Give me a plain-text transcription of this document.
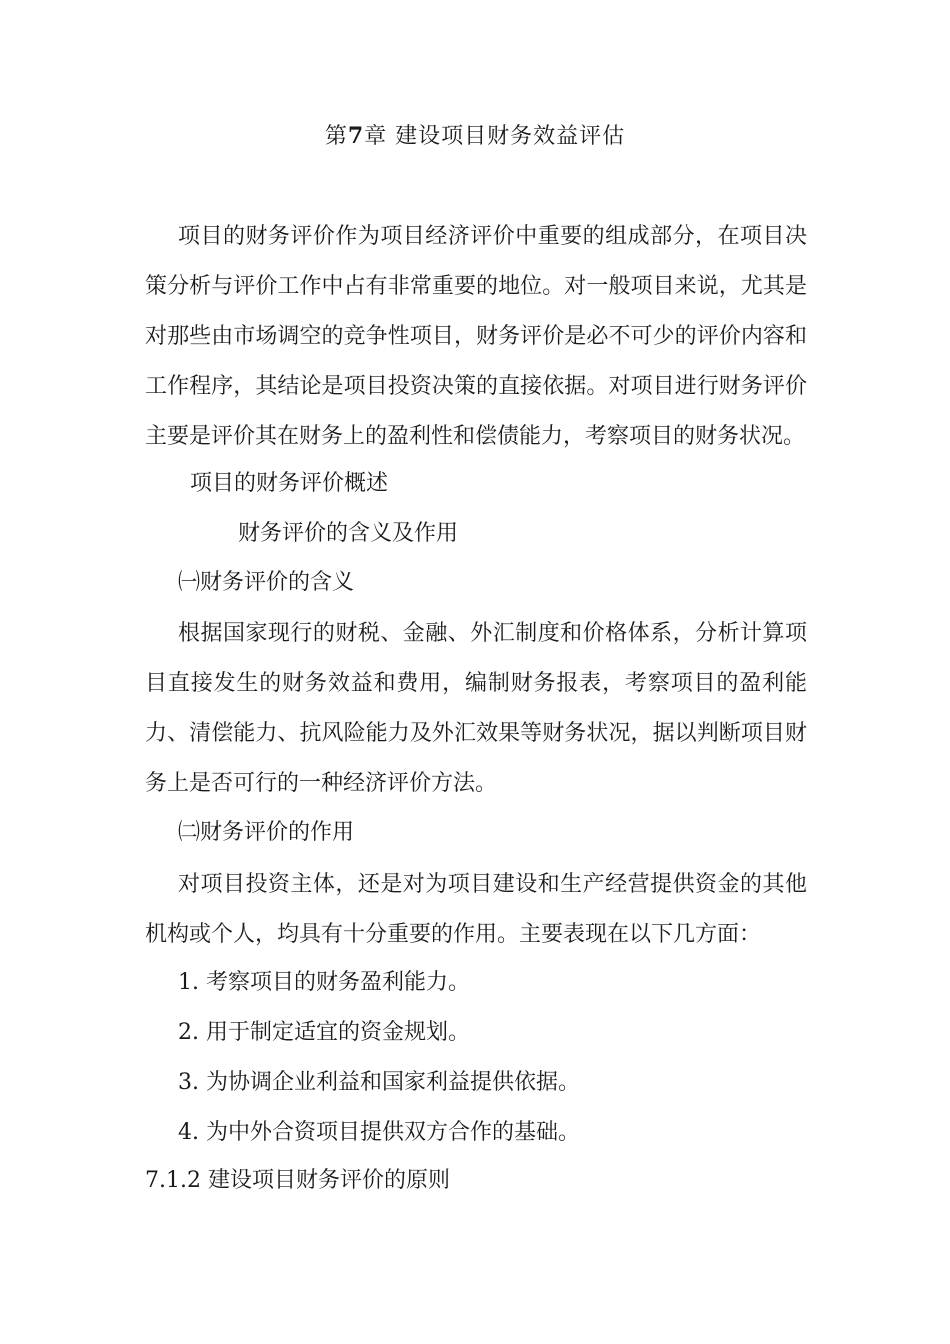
第7章 建设项目财务效益评估

项目的财务评价作为项目经济评价中重要的组成部分，在项目决策分析与评价工作中占有非常重要的地位。对一般项目来说，尤其是对那些由市场调空的竞争性项目，财务评价是必不可少的评价内容和工作程序，其结论是项目投资决策的直接依据。对项目进行财务评价主要是评价其在财务上的盈利性和偿债能力，考察项目的财务状况。

项目的财务评价概述

财务评价的含义及作用

㈠财务评价的含义

根据国家现行的财税、金融、外汇制度和价格体系，分析计算项目直接发生的财务效益和费用，编制财务报表，考察项目的盈利能力、清偿能力、抗风险能力及外汇效果等财务状况，据以判断项目财务上是否可行的一种经济评价方法。

㈡财务评价的作用

对项目投资主体，还是对为项目建设和生产经营提供资金的其他机构或个人，均具有十分重要的作用。主要表现在以下几方面：

1. 考察项目的财务盈利能力。

2. 用于制定适宜的资金规划。

3. 为协调企业利益和国家利益提供依据。

4. 为中外合资项目提供双方合作的基础。

7.1.2 建设项目财务评价的原则
